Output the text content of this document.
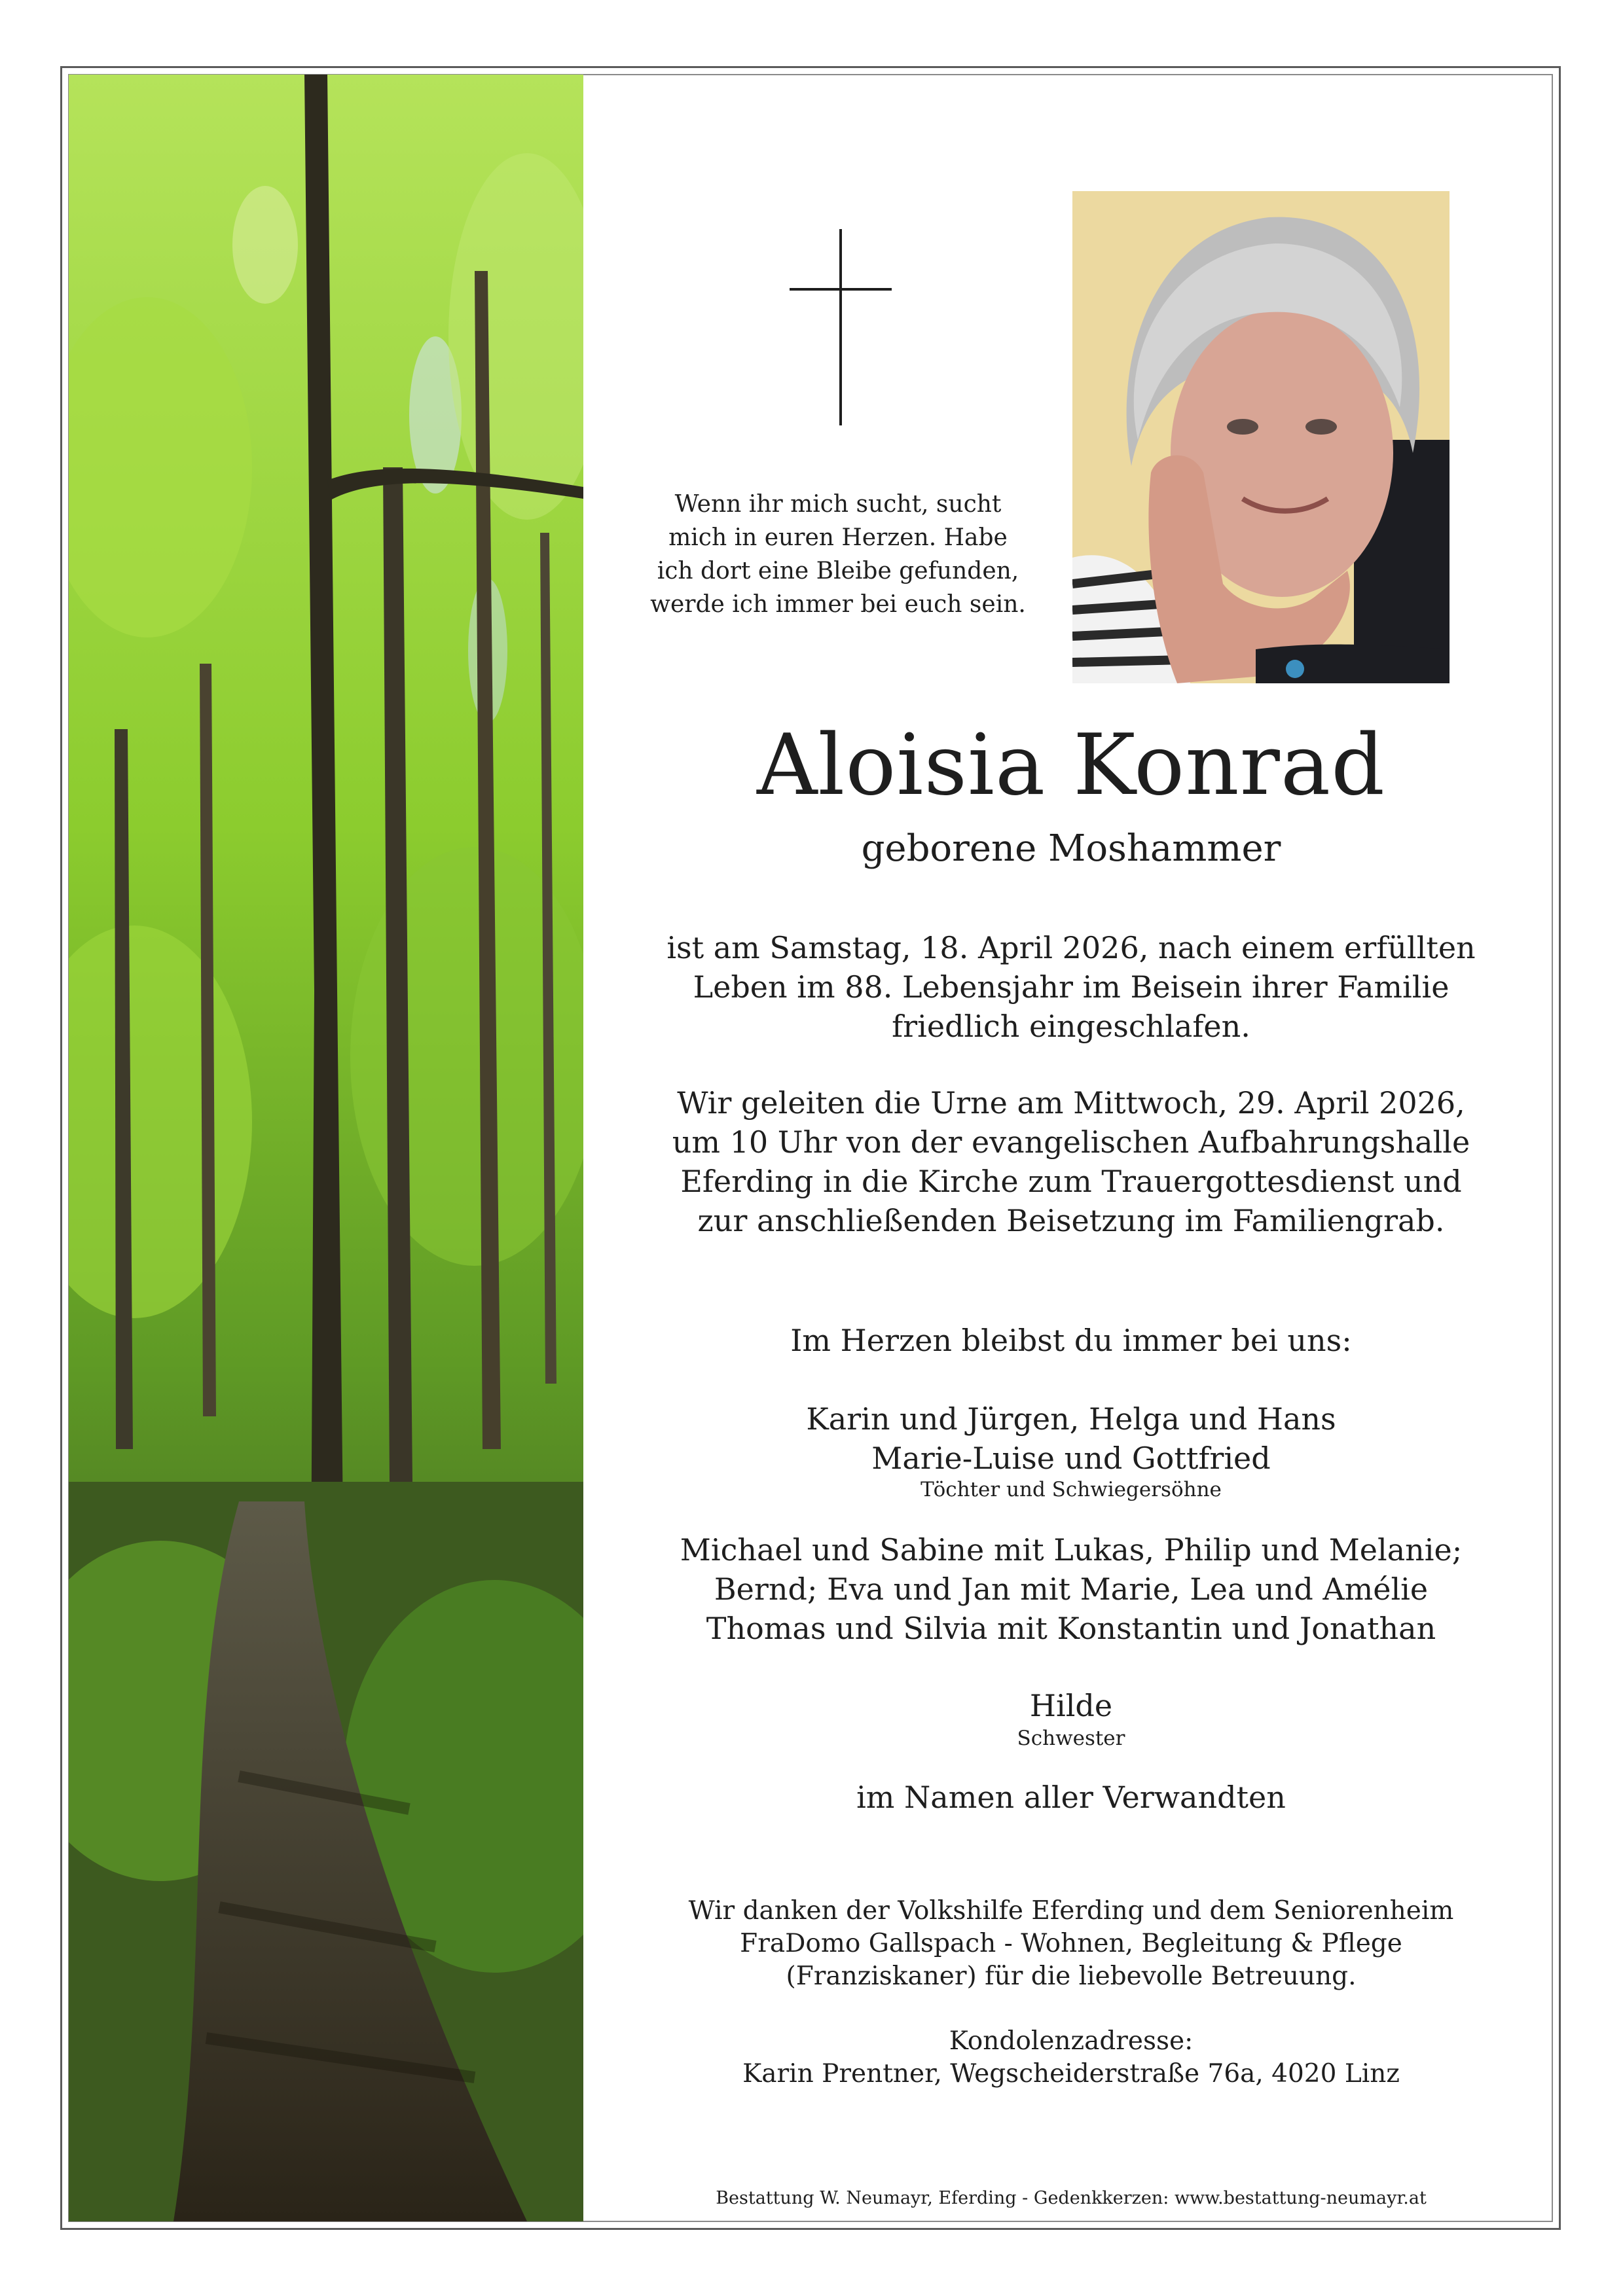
Wenn ihr mich sucht, sucht
mich in euren Herzen. Habe
ich dort eine Bleibe gefunden,
werde ich immer bei euch sein.
Aloisia Konrad
geborene Moshammer
ist am Samstag, 18. April 2026, nach einem erfüllten
Leben im 88. Lebensjahr im Beisein ihrer Familie
friedlich eingeschlafen.
Wir geleiten die Urne am Mittwoch, 29. April 2026,
um 10 Uhr von der evangelischen Aufbahrungshalle
Eferding in die Kirche zum Trauergottesdienst und
zur anschließenden Beisetzung im Familiengrab.
Im Herzen bleibst du immer bei uns:
Karin und Jürgen, Helga und Hans
Marie-Luise und Gottfried
Töchter und Schwiegersöhne
Michael und Sabine mit Lukas, Philip und Melanie;
Bernd; Eva und Jan mit Marie, Lea und Amélie
Thomas und Silvia mit Konstantin und Jonathan
Hilde
Schwester
im Namen aller Verwandten
Wir danken der Volkshilfe Eferding und dem Seniorenheim
FraDomo Gallspach - Wohnen, Begleitung & Pflege
(Franziskaner) für die liebevolle Betreuung.
Kondolenzadresse:
Karin Prentner, Wegscheiderstraße 76a, 4020 Linz
Bestattung W. Neumayr, Eferding - Gedenkkerzen: www.bestattung-neumayr.at
